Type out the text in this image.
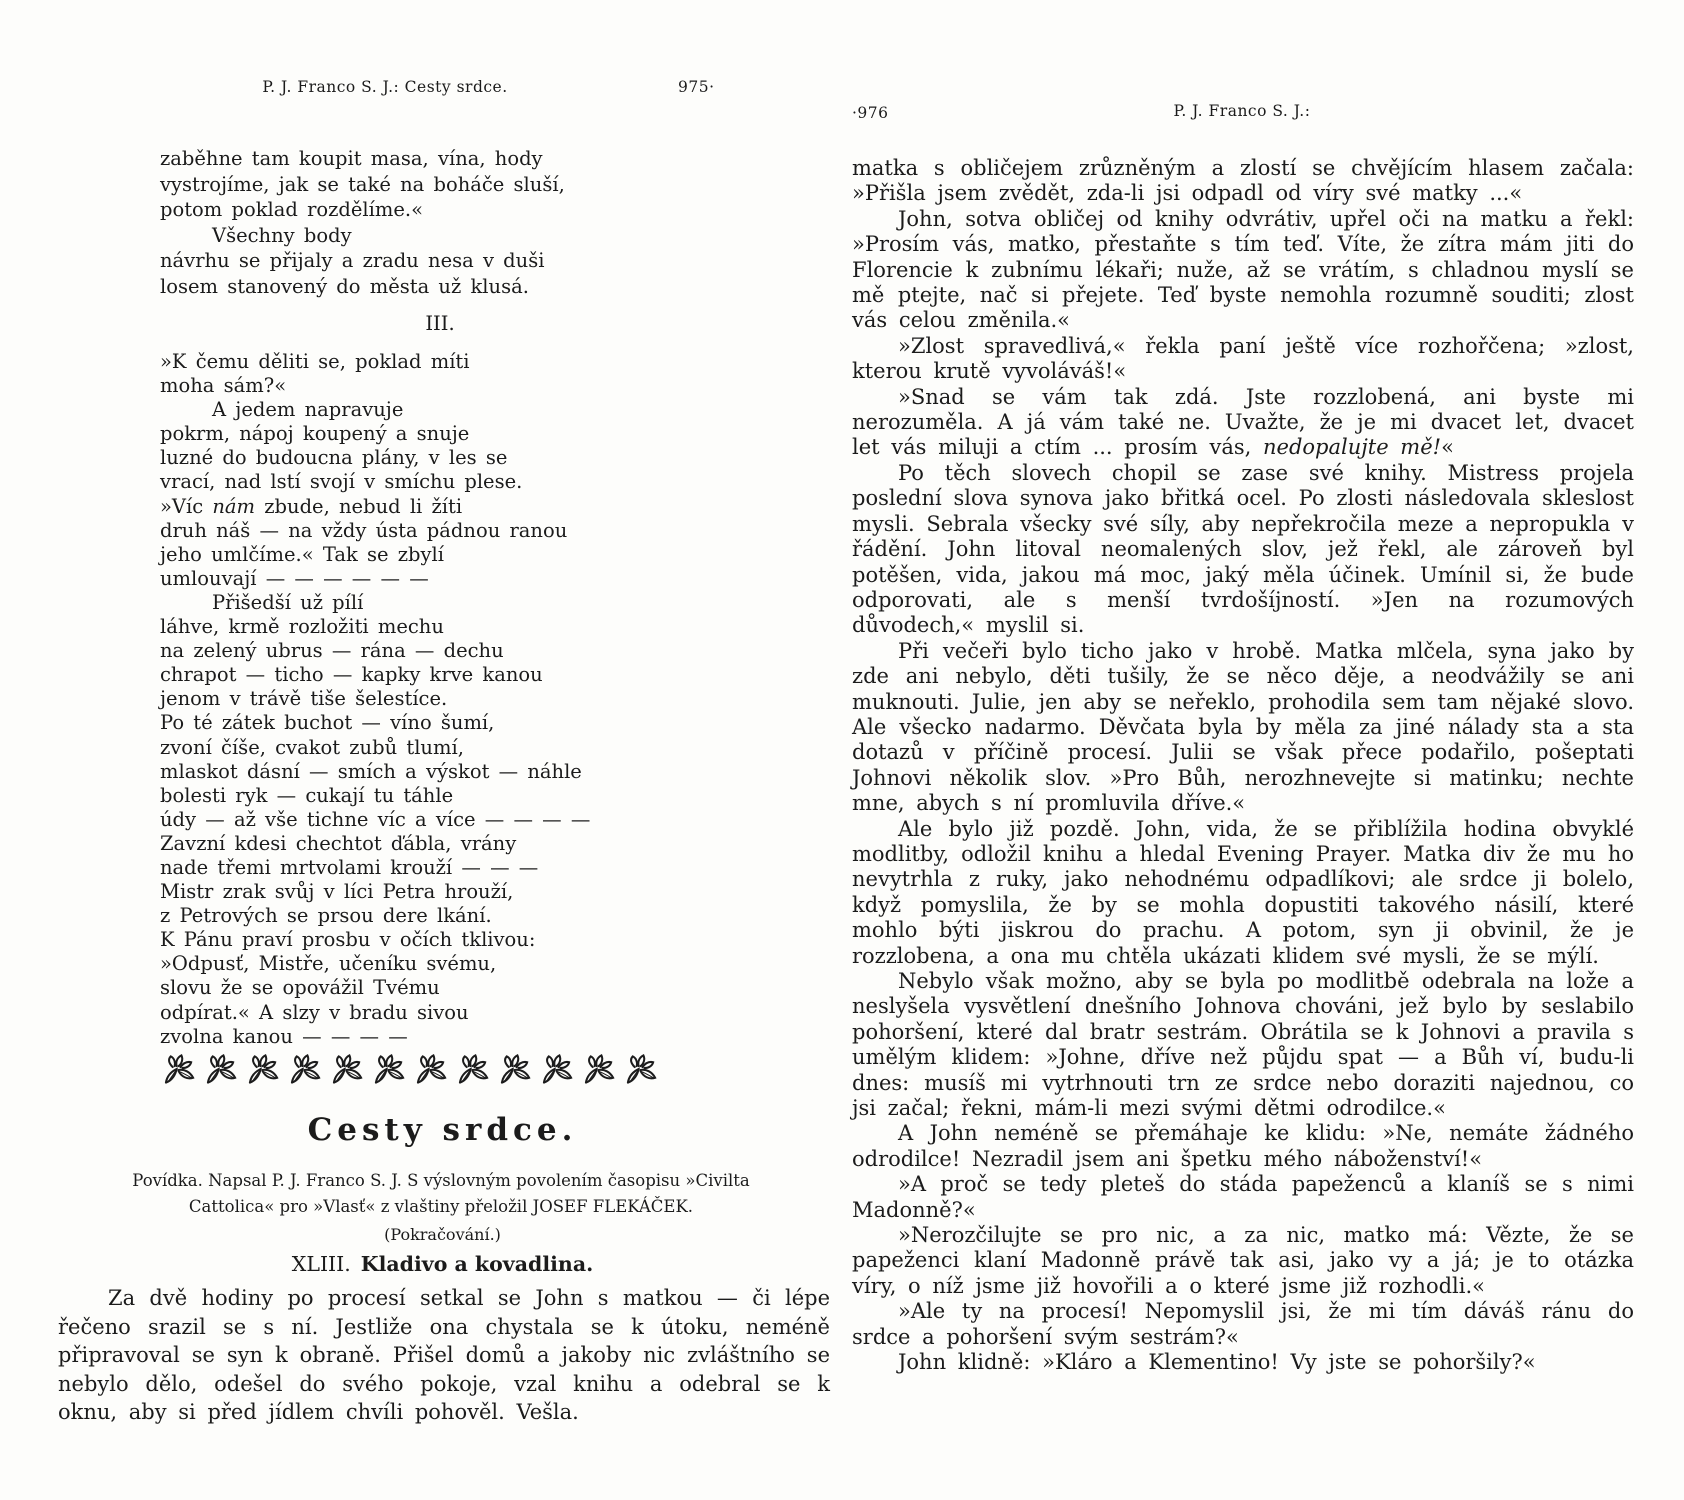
P. J. Franco S. J.: Cesty srdce.	975·
zaběhne tam koupit masa, vína, hody
vystrojíme, jak se také na boháče sluší,
potom poklad rozdělíme.«
Všechny body
návrhu se přijaly a zradu nesa v duši
losem stanovený do města už klusá.
III.
»K čemu děliti se, poklad míti
moha sám?«
A jedem napravuje
pokrm, nápoj koupený a snuje
luzné do budoucna plány, v les se
vrací, nad lstí svojí v smíchu plese.
»Víc nám zbude, nebud li žíti
druh náš — na vždy ústa pádnou ranou
jeho umlčíme.« Tak se zbylí
umlouvají — — — — — —
Přišedší už pílí
láhve, krmě rozložiti mechu
na zelený ubrus — rána — dechu
chrapot — ticho — kapky krve kanou
jenom v trávě tiše šelestíce.
Po té zátek buchot — víno šumí,
zvoní číše, cvakot zubů tlumí,
mlaskot dásní — smích a výskot — náhle
bolesti ryk — cukají tu táhle
údy — až vše tichne víc a více — — — —
Zavzní kdesi chechtot ďábla, vrány
nade třemi mrtvolami krouží — — —
Mistr zrak svůj v líci Petra hrouží,
z Petrových se prsou dere lkání.
K Pánu praví prosbu v očích tklivou:
»Odpusť, Mistře, učeníku svému,
slovu že se opovážil Tvému
odpírat.« A slzy v bradu sivou
zvolna kanou — — — —
Cesty srdce.
Povídka. Napsal P. J. Franco S. J. S výslovným povolením časopisu »Civilta
Cattolica« pro »Vlasť« z vlaštiny přeložil JOSEF FLEKÁČEK.
(Pokračování.)
XLIII. Kladivo a kovadlina.

Za dvě hodiny po procesí setkal se John s matkou — či lépe řečeno srazil se s ní. Jestliže ona chystala se k útoku, neméně připravoval se syn k obraně. Přišel domů a jakoby nic zvláštního se nebylo dělo, odešel do svého pokoje, vzal knihu a odebral se k oknu, aby si před jídlem chvíli pohověl. Vešla.

·976	P. J. Franco S. J.:

matka s obličejem zrůzněným a zlostí se chvějícím hlasem začala: »Přišla jsem zvědět, zda-li jsi odpadl od víry své matky ...«

John, sotva obličej od knihy odvrátiv, upřel oči na matku a řekl: »Prosím vás, matko, přestaňte s tím teď. Víte, že zítra mám jiti do Florencie k zubnímu lékaři; nuže, až se vrátím, s chladnou myslí se mě ptejte, nač si přejete. Teď byste nemohla rozumně souditi; zlost vás celou změnila.«

»Zlost spravedlivá,« řekla paní ještě více rozhořčena; »zlost, kterou krutě vyvoláváš!«

»Snad se vám tak zdá. Jste rozzlobená, ani byste mi nerozuměla. A já vám také ne. Uvažte, že je mi dvacet let, dvacet let vás miluji a ctím ... prosím vás, nedopalujte mě!«

Po těch slovech chopil se zase své knihy. Mistress projela poslední slova synova jako břitká ocel. Po zlosti následovala skleslost mysli. Sebrala všecky své síly, aby nepřekročila meze a nepropukla v řádění. John litoval neomalených slov, jež řekl, ale zároveň byl potěšen, vida, jakou má moc, jaký měla účinek. Umínil si, že bude odporovati, ale s menší tvrdošíjností. »Jen na rozumových důvodech,« myslil si.

Při večeři bylo ticho jako v hrobě. Matka mlčela, syna jako by zde ani nebylo, děti tušily, že se něco děje, a neodvážily se ani muknouti. Julie, jen aby se neřeklo, prohodila sem tam nějaké slovo. Ale všecko nadarmo. Děvčata byla by měla za jiné nálady sta a sta dotazů v příčině procesí. Julii se však přece podařilo, pošeptati Johnovi několik slov. »Pro Bůh, nerozhnevejte si matinku; nechte mne, abych s ní promluvila dříve.«

Ale bylo již pozdě. John, vida, že se přiblížila hodina obvyklé modlitby, odložil knihu a hledal Evening Prayer. Matka div že mu ho nevytrhla z ruky, jako nehodnému odpadlíkovi; ale srdce ji bolelo, když pomyslila, že by se mohla dopustiti takového násilí, které mohlo býti jiskrou do prachu. A potom, syn ji obvinil, že je rozzlobena, a ona mu chtěla ukázati klidem své mysli, že se mýlí.

Nebylo však možno, aby se byla po modlitbě odebrala na lože a neslyšela vysvětlení dnešního Johnova chováni, jež bylo by seslabilo pohoršení, které dal bratr sestrám. Obrátila se k Johnovi a pravila s umělým klidem: »Johne, dříve než půjdu spat — a Bůh ví, budu-li dnes: musíš mi vytrhnouti trn ze srdce nebo doraziti najednou, co jsi začal; řekni, mám-li mezi svými dětmi odrodilce.«

A John neméně se přemáhaje ke klidu: »Ne, nemáte žádného odrodilce! Nezradil jsem ani špetku mého náboženství!«

»A proč se tedy pleteš do stáda papeženců a klaníš se s nimi Madonně?«

»Nerozčilujte se pro nic, a za nic, matko má: Vězte, že se papeženci klaní Madonně právě tak asi, jako vy a já; je to otázka víry, o níž jsme již hovořili a o které jsme již rozhodli.«

»Ale ty na procesí! Nepomyslil jsi, že mi tím dáváš ránu do srdce a pohoršení svým sestrám?«

John klidně: »Kláro a Klementino! Vy jste se pohoršily?«
